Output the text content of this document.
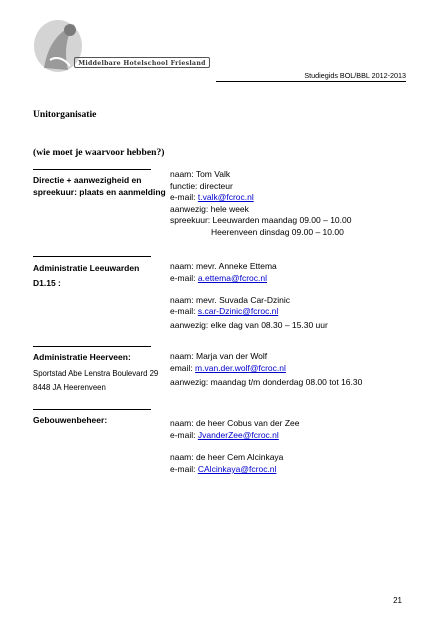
Middelbare Hotelschool Friesland
Studiegids BOL/BBL 2012-2013
Unitorganisatie
(wie moet je waarvoor hebben?)
Directie + aanwezigheid en
spreekuur: plaats en aanmelding
naam: Tom Valk
functie: directeur
e-mail: t.valk@fcroc.nl
aanwezig: hele week
spreekuur: Leeuwarden maandag 09.00 – 10.00
Heerenveen dinsdag 09.00 – 10.00
Administratie Leeuwarden
D1.15 :
naam: mevr. Anneke Ettema
e-mail: a.ettema@fcroc.nl
naam: mevr. Suvada Car-Dzinic
e-mail: s.car-Dzinic@fcroc.nl
aanwezig: elke dag van 08.30 – 15.30 uur
Administratie Heerveen:
Sportstad Abe Lenstra Boulevard 29
8448 JA Heerenveen
naam: Marja van der Wolf
email: m.van.der.wolf@fcroc.nl
aanwezig: maandag t/m donderdag 08.00 tot 16.30
Gebouwenbeheer:	naam: de heer Cobus van der Zee
e-mail: JvanderZee@fcroc.nl
naam: de heer Cem Alcinkaya
e-mail: CAlcinkaya@fcroc.nl
21
